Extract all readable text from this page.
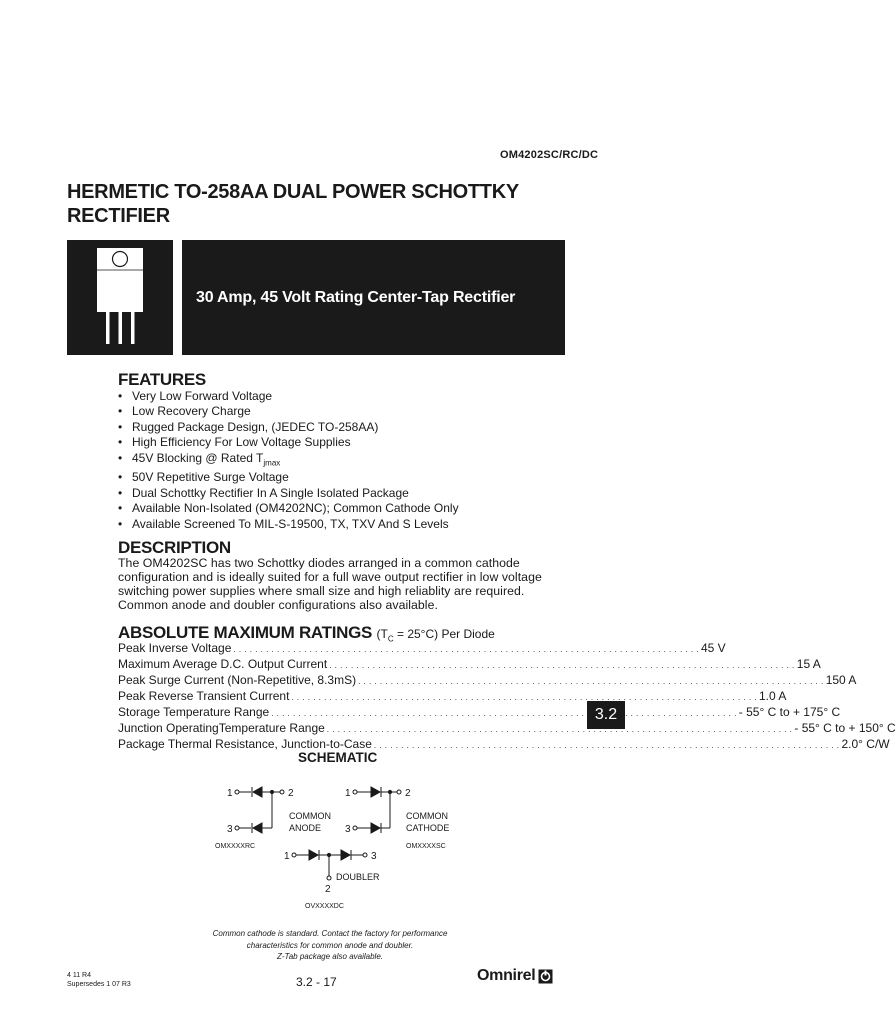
OM4202SC/RC/DC
HERMETIC TO-258AA DUAL POWER SCHOTTKY RECTIFIER
30 Amp, 45 Volt Rating Center-Tap Rectifier
FEATURES
• Very Low Forward Voltage
• Low Recovery Charge
• Rugged Package Design, (JEDEC TO-258AA)
• High Efficiency For Low Voltage Supplies
• 45V Blocking @ Rated $T_{jmax}$
• 50V Repetitive Surge Voltage
• Dual Schottky Rectifier In A Single Isolated Package
• Available Non-Isolated (OM4202NC); Common Cathode Only
• Available Screened To MIL-S-19500, TX, TXV And S Levels
DESCRIPTION
The OM4202SC has two Schottky diodes arranged in a common cathode configuration and is ideally suited for a full wave output rectifier in low voltage switching power supplies where small size and high reliablity are required. Common anode and doubler configurations also available.
ABSOLUTE MAXIMUM RATINGS $(T_C = 25^\circ C)$ Per Diode
Peak Inverse Voltage . . .	45 V
Maximum Average D.C. Output Current . . .	15 A
Peak Surge Current (Non-Repetitive, 8.3mS) . . .	150 A
Peak Reverse Transient Current . . .	1.0 A
Storage Temperature Range . . .	- 55° C to + 175° C
Junction OperatingTemperature Range . . .	- 55° C to + 150° C
Package Thermal Resistance, Junction-to-Case . . .	2.0° C/W
3.2
SCHEMATIC
1	2
3
COMMON
ANODE
OMXXXXRC
1	2
3
COMMON
CATHODE
OMXXXXSC
1	3
2
DOUBLER
OVXXXXDC
Common cathode is standard. Contact the factory for performance
characteristics for common anode and doubler.
Z-Tab package also available.
4 11 R4
Supersedes 1 07 R3	3.2 - 17	Omnirel
